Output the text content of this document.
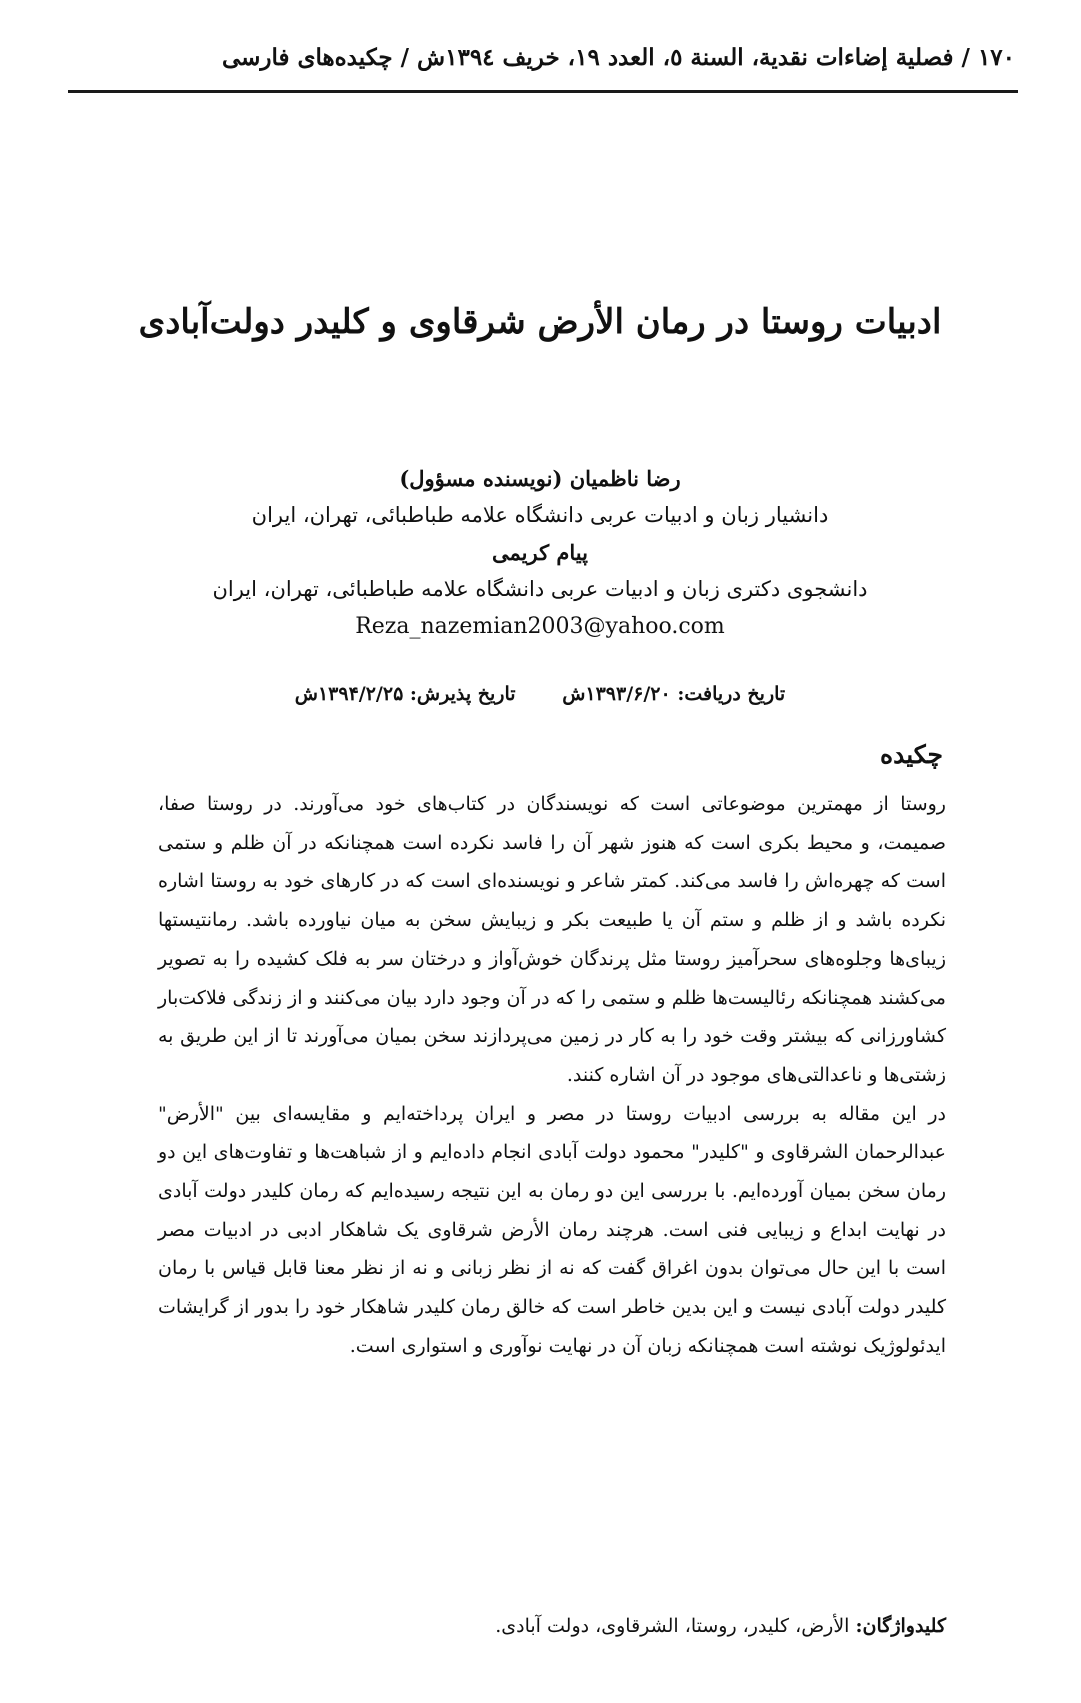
۱۷۰ / فصلية إضاءات نقدية، السنة ٥، العدد ١٩، خريف ١٣٩٤ش / چکیده‌های فارسی
ادبیات روستا در رمان الأرض شرقاوی و کلیدر دولت‌آبادی
رضا ناظمیان (نویسنده مسؤول)
دانشیار زبان و ادبیات عربی دانشگاه علامه طباطبائی، تهران، ایران
پیام کریمی
دانشجوی دکتری زبان و ادبیات عربی دانشگاه علامه طباطبائی، تهران، ایران
Reza_nazemian2003@yahoo.com
تاریخ دریافت: ۱۳۹۳/۶/۲۰ش تاریخ پذیرش: ۱۳۹۴/۲/۲۵ش
چکیده

روستا از مهمترین موضوعاتی است که نویسندگان در کتاب‌های خود می‌آورند. در روستا صفا، صمیمت، و محیط بکری است که هنوز شهر آن را فاسد نکرده است همچنانکه در آن ظلم و ستمی است که چهره‌اش را فاسد می‌کند. کمتر شاعر و نویسنده‌ای است که در کارهای خود به روستا اشاره نکرده باشد و از ظلم و ستم آن یا طبیعت بکر و زیبایش سخن به میان نیاورده باشد. رمانتیستها زیبای‌ها وجلوه‌های سحرآمیز روستا مثل پرندگان خوش‌آواز و درختان سر به فلک کشیده را به تصویر می‌کشند همچنانکه رئالیست‌ها ظلم و ستمی را که در آن وجود دارد بیان می‌کنند و از زندگی فلاکت‌بار کشاورزانی که بیشتر وقت خود را به کار در زمین می‌پردازند سخن بمیان می‌آورند تا از این طریق به زشتی‌ها و ناعدالتی‌های موجود در آن اشاره کنند.

در این مقاله به بررسی ادبیات روستا در مصر و ایران پرداخته‌ایم و مقایسه‌ای بین "الأرض" عبدالرحمان الشرقاوی و "کلیدر" محمود دولت آبادی انجام داده‌ایم و از شباهت‌ها و تفاوت‌های این دو رمان سخن بمیان آورده‌ایم. با بررسی این دو رمان به این نتیجه رسیده‌ایم که رمان کلیدر دولت آبادی در نهایت ابداع و زیبایی فنی است. هرچند رمان الأرض شرقاوی یک شاهکار ادبی در ادبیات مصر است با این حال می‌توان بدون اغراق گفت که نه از نظر زبانی و نه از نظر معنا قابل قیاس با رمان کلیدر دولت آبادی نیست و این بدین خاطر است که خالق رمان کلیدر شاهکار خود را بدور از گرایشات ایدئولوژیک نوشته است همچنانکه زبان آن در نهایت نوآوری و استواری است.

کلیدواژگان: الأرض، کلیدر، روستا، الشرقاوی، دولت آبادی.
